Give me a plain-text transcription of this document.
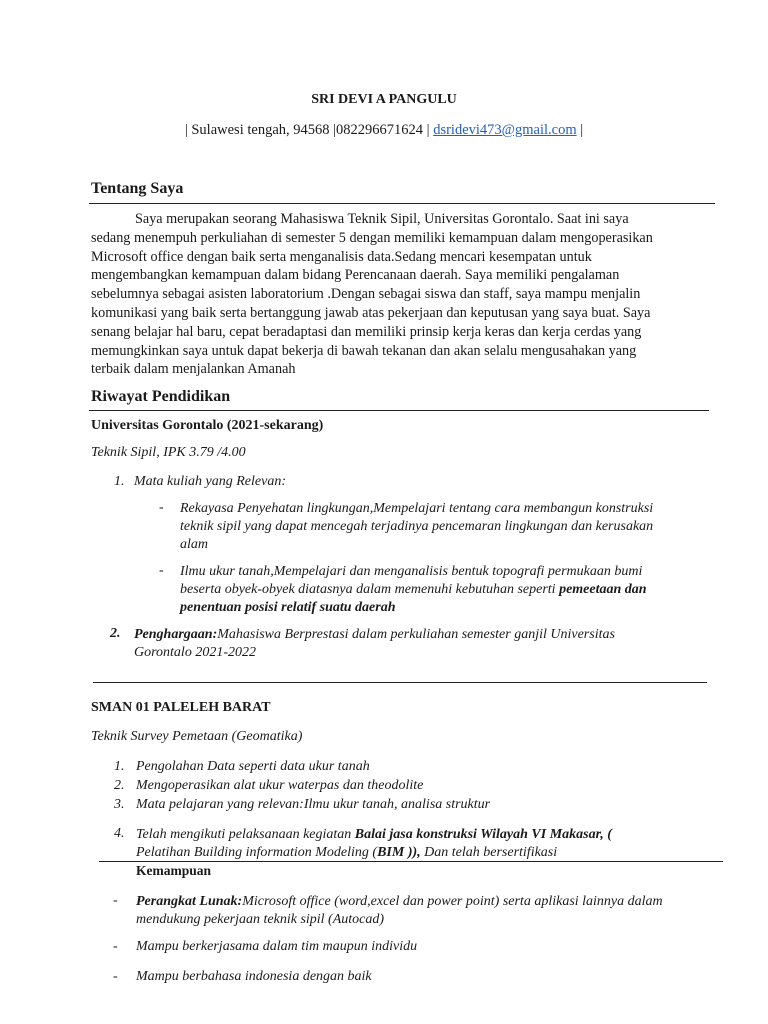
SRI DEVI A PANGULU
| Sulawesi tengah, 94568 |082296671624 | dsridevi473@gmail.com |
Tentang Saya

Saya merupakan seorang Mahasiswa Teknik Sipil, Universitas Gorontalo. Saat ini saya

sedang menempuh perkuliahan di semester 5 dengan memiliki kemampuan dalam mengoperasikan

Microsoft office dengan baik serta menganalisis data.Sedang mencari kesempatan untuk

mengembangkan kemampuan dalam bidang Perencanaan daerah. Saya memiliki pengalaman

sebelumnya sebagai asisten laboratorium .Dengan sebagai siswa dan staff, saya mampu menjalin

komunikasi yang baik serta bertanggung jawab atas pekerjaan dan keputusan yang saya buat. Saya

senang belajar hal baru, cepat beradaptasi dan memiliki prinsip kerja keras dan kerja cerdas yang

memungkinkan saya untuk dapat bekerja di bawah tekanan dan akan selalu mengusahakan yang

terbaik dalam menjalankan Amanah

Riwayat Pendidikan
Universitas Gorontalo (2021-sekarang)
Teknik Sipil, IPK 3.79 /4.00
1. Mata kuliah yang Relevan:
- Rekayasa Penyehatan lingkungan,Mempelajari tentang cara membangun konstruksi
teknik sipil yang dapat mencegah terjadinya pencemaran lingkungan dan kerusakan
alam
- Ilmu ukur tanah,Mempelajari dan menganalisis bentuk topografi permukaan bumi
beserta obyek-obyek diatasnya dalam memenuhi kebutuhan seperti pemeetaan dan
penentuan posisi relatif suatu daerah
2. Penghargaan:Mahasiswa Berprestasi dalam perkuliahan semester ganjil Universitas
Gorontalo 2021-2022
SMAN 01 PALELEH BARAT
Teknik Survey Pemetaan (Geomatika)
1. Pengolahan Data seperti data ukur tanah
2. Mengoperasikan alat ukur waterpas dan theodolite
3. Mata pelajaran yang relevan:Ilmu ukur tanah, analisa struktur
4. Telah mengikuti pelaksanaan kegiatan Balai jasa konstruksi Wilayah VI Makasar, (
Pelatihan Building information Modeling (BIM )), Dan telah bersertifikasi
Kemampuan
- Perangkat Lunak:Microsoft office (word,excel dan power point) serta aplikasi lainnya dalam
mendukung pekerjaan teknik sipil (Autocad)
- Mampu berkerjasama dalam tim maupun individu
- Mampu berbahasa indonesia dengan baik
